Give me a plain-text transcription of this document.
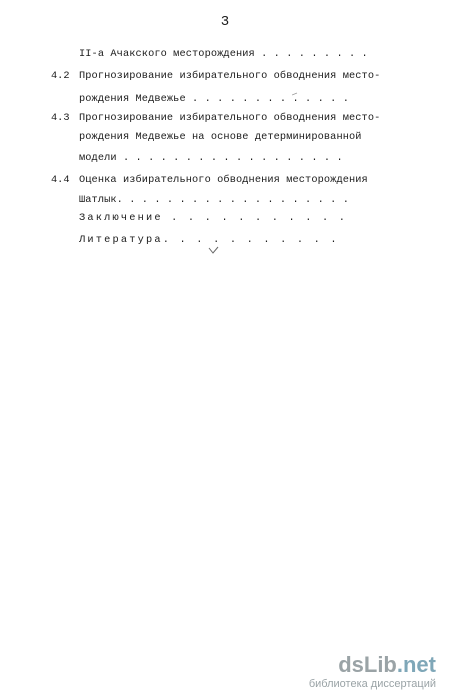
3
II-а Ачакского месторождения . . . . . . . . .
4.2 Прогнозирование избирательного обводнения место-
рождения Медвежье . . . . . . . . . . . . .
4.3 Прогнозирование избирательного обводнения место-
рождения Медвежье на основе детерминированной
модели . . . . . . . . . . . . . . . . . .
4.4 Оценка избирательного обводнения месторождения
Шатлык. . . . . . . . . . . . . . . . . . .
Заключение . . . . . . . . . . .
Литература. . . . . . . . . . .
dsLib.net
библиотека диссертаций
